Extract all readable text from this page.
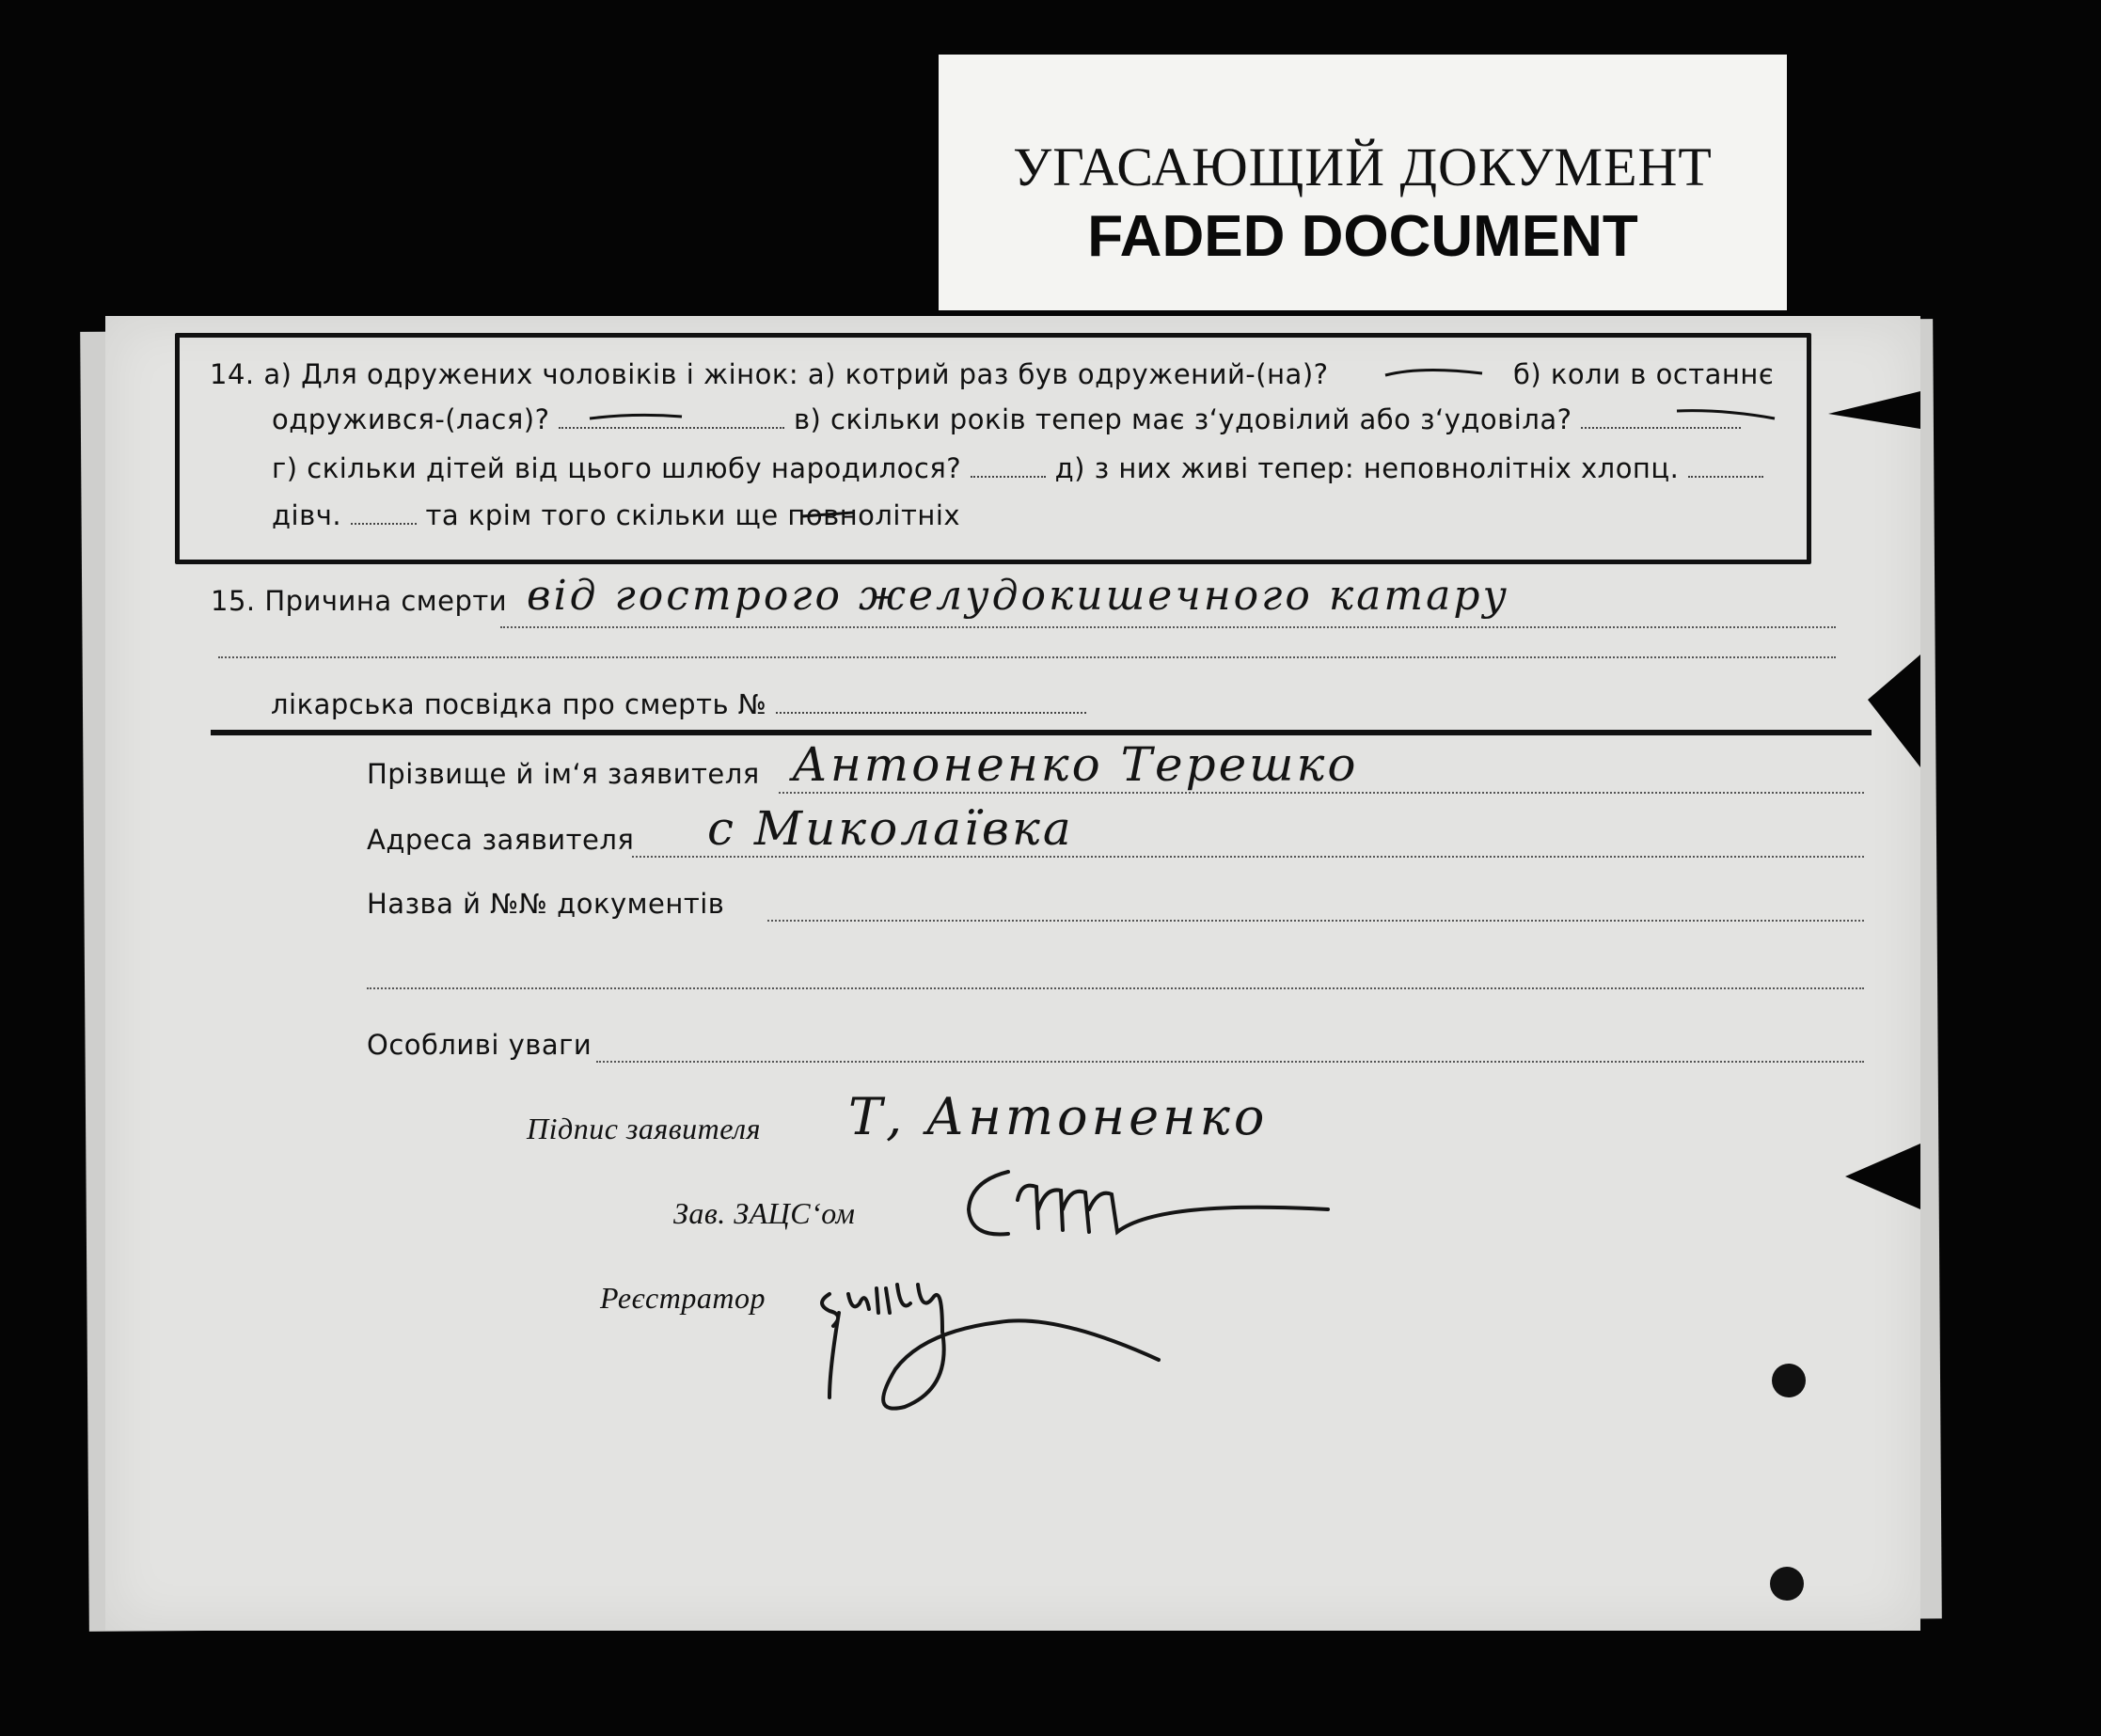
УГАСАЮЩИЙ ДОКУМЕНТ
FADED DOCUMENT
14. а) Для одружених чоловіків і жінок: а) котрий раз був одружений-(на)?	б) коли в останнє
одружився-(лася)?	в) скільки років тепер має з‘удовілий або з‘удовіла?
г) скільки дітей від цього шлюбу народилося?	д) з них живі тепер: неповнолітніх хлопц.
дівч.	та крім того скільки ще повнолітніх
15. Причина смерти від гострого желудокишечного катару
лікарська посвідка про смерть №
Прізвище й ім‘я заявителя Антоненко Терешко
Адреса заявителя с Миколаївка
Назва й №№ документів
Особливі уваги
Підпис заявителя Т, Антоненко
Зав. ЗАЦС‘ом
Реєстратор
